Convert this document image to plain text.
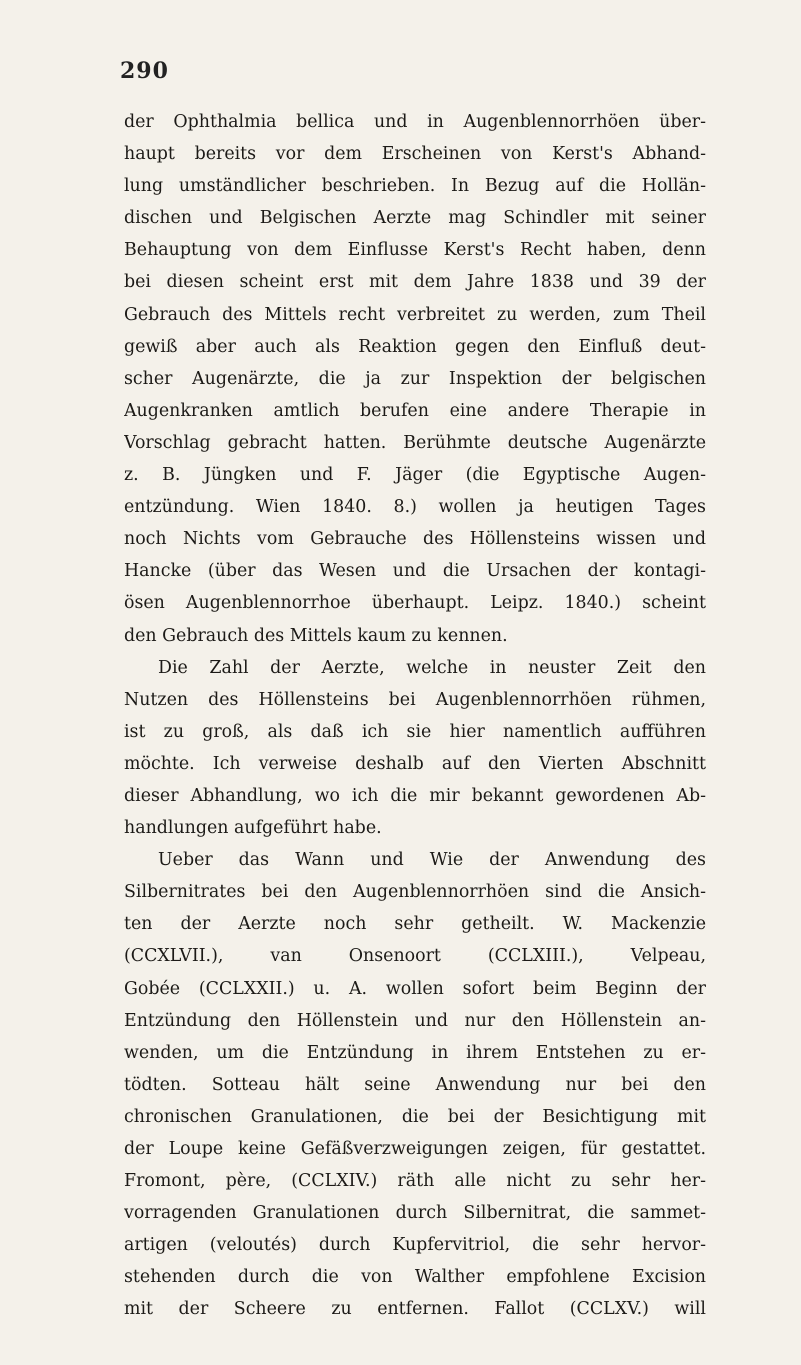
290
der Ophthalmia bellica und in Augenblennorrhöen über-
haupt bereits vor dem Erscheinen von Kerst's Abhand-
lung umständlicher beschrieben. In Bezug auf die Hollän-
dischen und Belgischen Aerzte mag Schindler mit seiner
Behauptung von dem Einflusse Kerst's Recht haben, denn
bei diesen scheint erst mit dem Jahre 1838 und 39 der
Gebrauch des Mittels recht verbreitet zu werden, zum Theil
gewiß aber auch als Reaktion gegen den Einfluß deut-
scher Augenärzte, die ja zur Inspektion der belgischen
Augenkranken amtlich berufen eine andere Therapie in
Vorschlag gebracht hatten. Berühmte deutsche Augenärzte
z. B. Jüngken und F. Jäger (die Egyptische Augen-
entzündung. Wien 1840. 8.) wollen ja heutigen Tages
noch Nichts vom Gebrauche des Höllensteins wissen und
Hancke (über das Wesen und die Ursachen der kontagi-
ösen Augenblennorrhoe überhaupt. Leipz. 1840.) scheint
den Gebrauch des Mittels kaum zu kennen.
Die Zahl der Aerzte, welche in neuster Zeit den
Nutzen des Höllensteins bei Augenblennorrhöen rühmen,
ist zu groß, als daß ich sie hier namentlich aufführen
möchte. Ich verweise deshalb auf den Vierten Abschnitt
dieser Abhandlung, wo ich die mir bekannt gewordenen Ab-
handlungen aufgeführt habe.
Ueber das Wann und Wie der Anwendung des
Silbernitrates bei den Augenblennorrhöen sind die Ansich-
ten der Aerzte noch sehr getheilt. W. Mackenzie
(CCXLVII.), van Onsenoort (CCLXIII.), Velpeau,
Gobée (CCLXXII.) u. A. wollen sofort beim Beginn der
Entzündung den Höllenstein und nur den Höllenstein an-
wenden, um die Entzündung in ihrem Entstehen zu er-
tödten. Sotteau hält seine Anwendung nur bei den
chronischen Granulationen, die bei der Besichtigung mit
der Loupe keine Gefäßverzweigungen zeigen, für gestattet.
Fromont, père, (CCLXIV.) räth alle nicht zu sehr her-
vorragenden Granulationen durch Silbernitrat, die sammet-
artigen (veloutés) durch Kupfervitriol, die sehr hervor-
stehenden durch die von Walther empfohlene Excision
mit der Scheere zu entfernen. Fallot (CCLXV.) will
